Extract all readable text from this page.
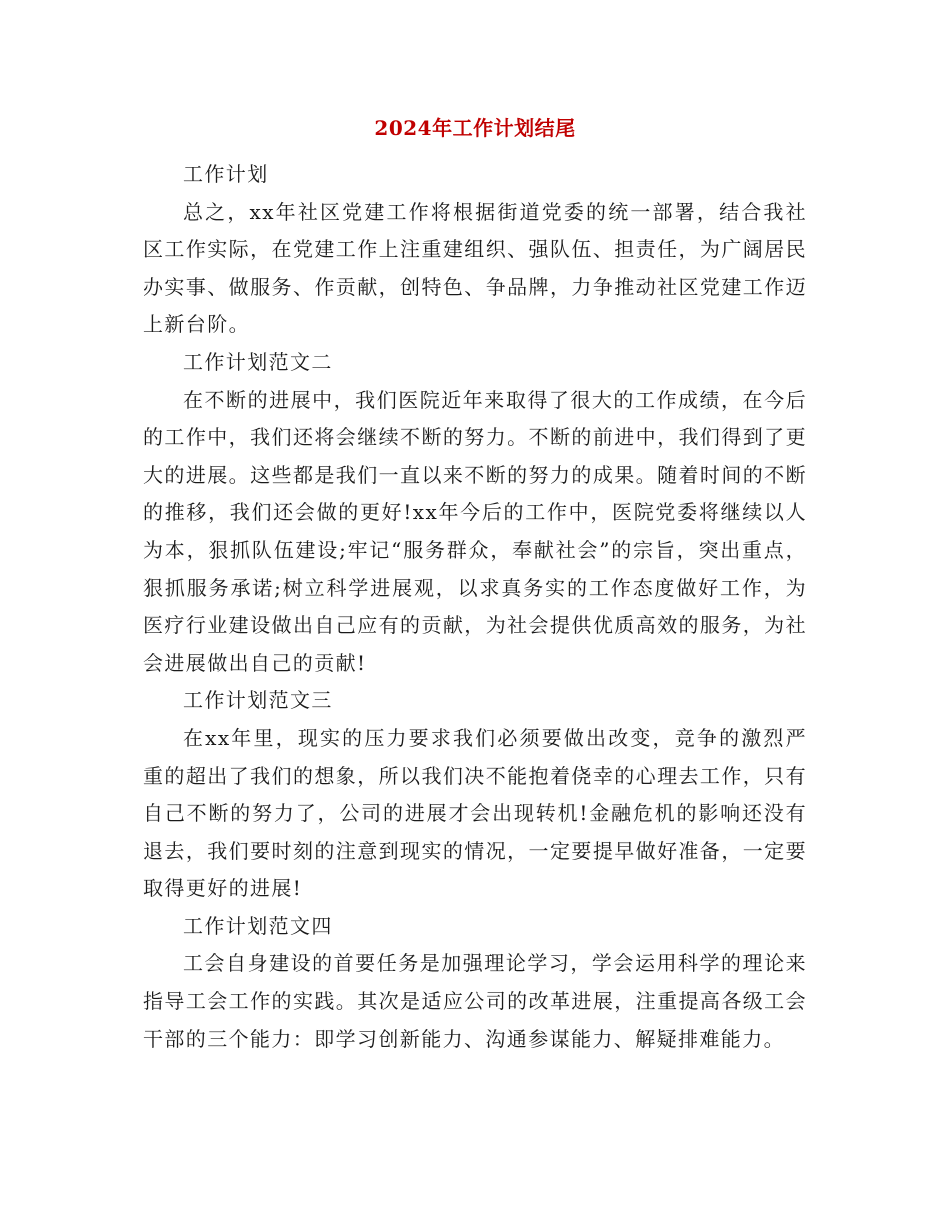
2024年工作计划结尾

工作计划

总之，xx年社区党建工作将根据街道党委的统一部署，结合我社区工作实际，在党建工作上注重建组织、强队伍、担责任，为广阔居民办实事、做服务、作贡献，创特色、争品牌，力争推动社区党建工作迈上新台阶。

工作计划范文二

在不断的进展中，我们医院近年来取得了很大的工作成绩，在今后的工作中，我们还将会继续不断的努力。不断的前进中，我们得到了更大的进展。这些都是我们一直以来不断的努力的成果。随着时间的不断的推移，我们还会做的更好!xx年今后的工作中，医院党委将继续以人为本，狠抓队伍建设;牢记“服务群众，奉献社会”的宗旨，突出重点，狠抓服务承诺;树立科学进展观，以求真务实的工作态度做好工作，为医疗行业建设做出自己应有的贡献，为社会提供优质高效的服务，为社会进展做出自己的贡献!

工作计划范文三

在xx年里，现实的压力要求我们必须要做出改变，竞争的激烈严重的超出了我们的想象，所以我们决不能抱着侥幸的心理去工作，只有自己不断的努力了，公司的进展才会出现转机!金融危机的影响还没有退去，我们要时刻的注意到现实的情况，一定要提早做好准备，一定要取得更好的进展!

工作计划范文四

工会自身建设的首要任务是加强理论学习，学会运用科学的理论来指导工会工作的实践。其次是适应公司的改革进展，注重提高各级工会干部的三个能力：即学习创新能力、沟通参谋能力、解疑排难能力。
